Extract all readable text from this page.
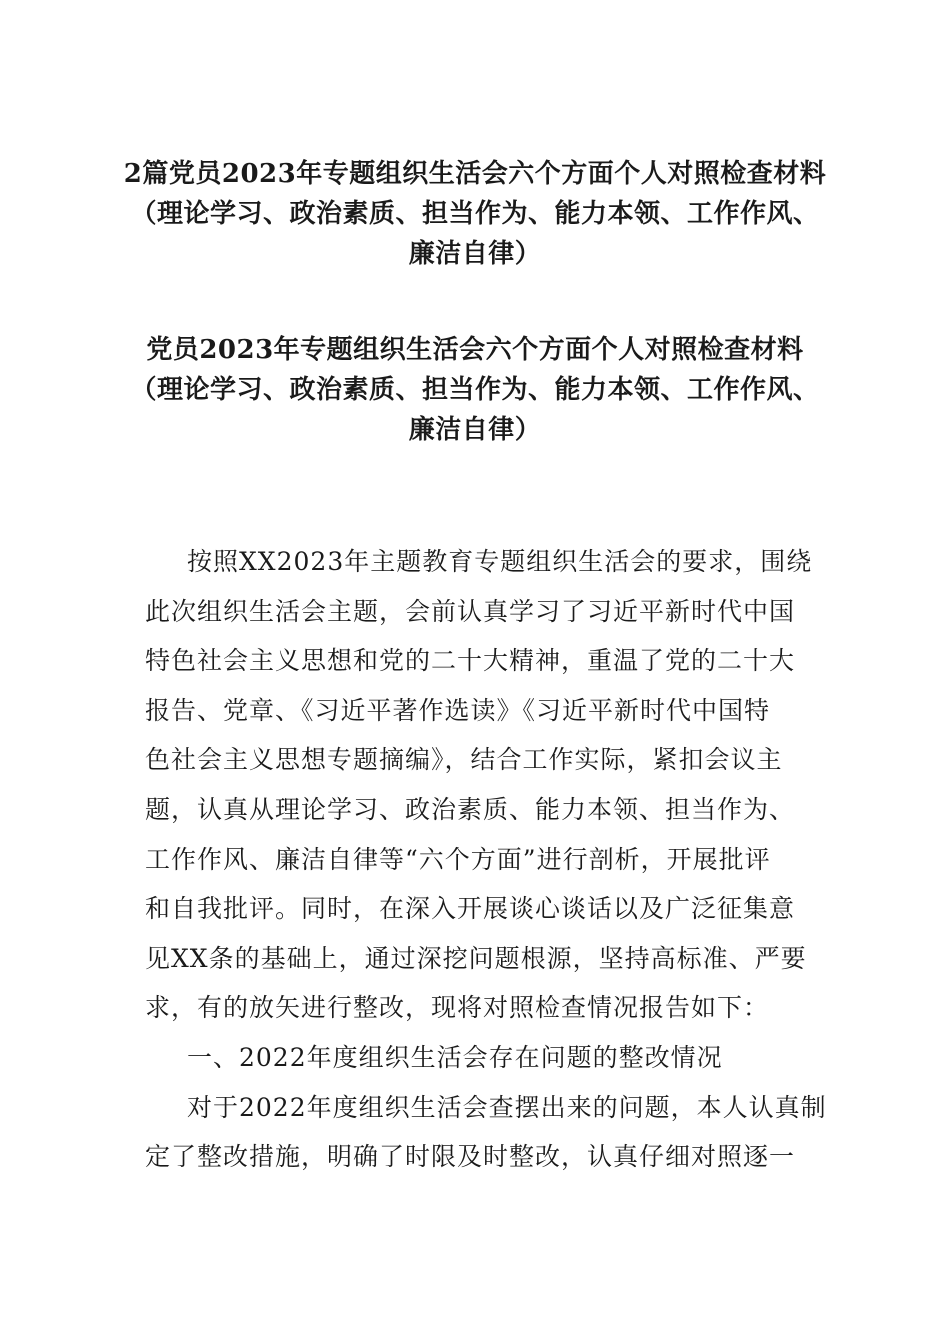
2篇党员2023年专题组织生活会六个方面个人对照检查材料
（理论学习、政治素质、担当作为、能力本领、工作作风、
廉洁自律）
党员2023年专题组织生活会六个方面个人对照检查材料
（理论学习、政治素质、担当作为、能力本领、工作作风、
廉洁自律）
按照XX2023年主题教育专题组织生活会的要求，围绕
此次组织生活会主题，会前认真学习了习近平新时代中国
特色社会主义思想和党的二十大精神，重温了党的二十大
报告、党章、《习近平著作选读》《习近平新时代中国特
色社会主义思想专题摘编》，结合工作实际，紧扣会议主
题，认真从理论学习、政治素质、能力本领、担当作为、
工作作风、廉洁自律等“六个方面”进行剖析，开展批评
和自我批评。同时，在深入开展谈心谈话以及广泛征集意
见XX条的基础上，通过深挖问题根源，坚持高标准、严要
求，有的放矢进行整改，现将对照检查情况报告如下：
一、2022年度组织生活会存在问题的整改情况
对于2022年度组织生活会查摆出来的问题，本人认真制
定了整改措施，明确了时限及时整改，认真仔细对照逐一
